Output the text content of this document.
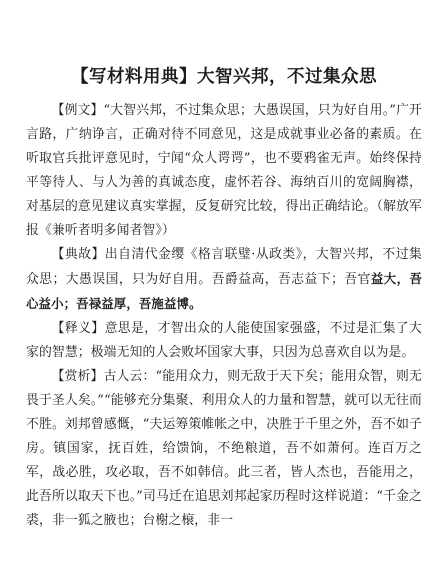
【写材料用典】大智兴邦，不过集众思

【例文】“大智兴邦，不过集众思；大愚误国，只为好自用。”广开言路，广纳诤言，正确对待不同意见，这是成就事业必备的素质。在听取官兵批评意见时，宁闻“众人谔谔”，也不要鸦雀无声。始终保持平等待人、与人为善的真诚态度，虚怀若谷、海纳百川的宽阔胸襟，对基层的意见建议真实掌握，反复研究比较，得出正确结论。（解放军报《兼听者明多闻者智》）

【典故】出自清代金缨《格言联璧·从政类》，大智兴邦，不过集众思；大愚误国，只为好自用。吾爵益高，吾志益下；吾官益大，吾心益小；吾禄益厚，吾施益博。

【释义】意思是，才智出众的人能使国家强盛，不过是汇集了大家的智慧；极端无知的人会败坏国家大事，只因为总喜欢自以为是。

【赏析】古人云：“能用众力，则无敌于天下矣；能用众智，则无畏于圣人矣。”“能够充分集聚、利用众人的力量和智慧，就可以无往而不胜。刘邦曾感慨，“夫运筹策帷帐之中，决胜于千里之外，吾不如子房。镇国家，抚百姓，给馈饷，不绝粮道，吾不如萧何。连百万之军，战必胜，攻必取，吾不如韩信。此三者，皆人杰也，吾能用之，此吾所以取天下也。”司马迁在追思刘邦起家历程时这样说道：“千金之裘，非一狐之腋也；台榭之榱，非一
